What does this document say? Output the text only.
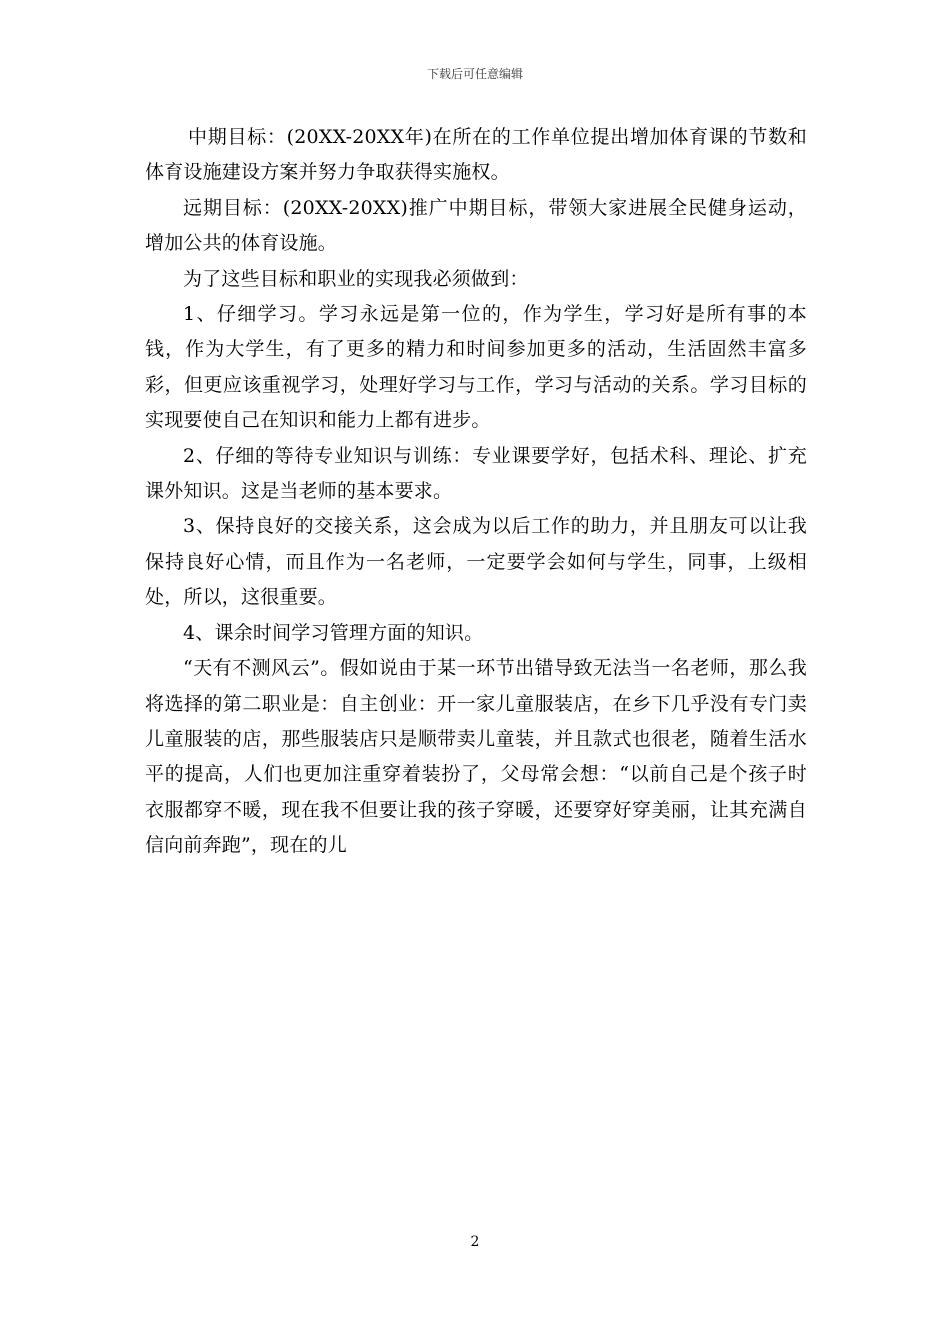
下载后可任意编辑

中期目标：(20XX-20XX年)在所在的工作单位提出增加体育课的节数和体育设施建设方案并努力争取获得实施权。

远期目标：(20XX-20XX)推广中期目标，带领大家进展全民健身运动，增加公共的体育设施。

为了这些目标和职业的实现我必须做到：

1、仔细学习。学习永远是第一位的，作为学生，学习好是所有事的本钱，作为大学生，有了更多的精力和时间参加更多的活动，生活固然丰富多彩，但更应该重视学习，处理好学习与工作，学习与活动的关系。学习目标的实现要使自己在知识和能力上都有进步。

2、仔细的等待专业知识与训练：专业课要学好，包括术科、理论、扩充课外知识。这是当老师的基本要求。

3、保持良好的交接关系，这会成为以后工作的助力，并且朋友可以让我保持良好心情，而且作为一名老师，一定要学会如何与学生，同事，上级相处，所以，这很重要。

4、课余时间学习管理方面的知识。

“天有不测风云”。假如说由于某一环节出错导致无法当一名老师，那么我将选择的第二职业是：自主创业：开一家儿童服装店，在乡下几乎没有专门卖儿童服装的店，那些服装店只是顺带卖儿童装，并且款式也很老，随着生活水平的提高，人们也更加注重穿着装扮了，父母常会想：“以前自己是个孩子时衣服都穿不暖，现在我不但要让我的孩子穿暖，还要穿好穿美丽，让其充满自信向前奔跑”，现在的儿

2
